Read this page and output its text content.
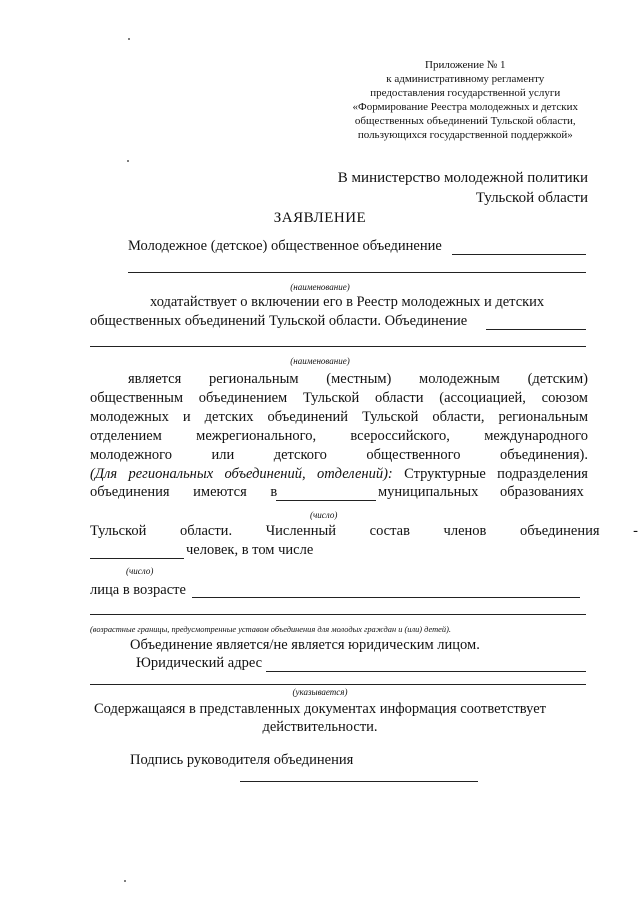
Приложение № 1
к административному регламенту
предоставления государственной услуги
«Формирование Реестра молодежных и детских
общественных объединений Тульской области,
пользующихся государственной поддержкой»
В министерство молодежной политики
Тульской области
ЗАЯВЛЕНИЕ
Молодежное (детское) общественное объединение
(наименование)
ходатайствует о включении его в Реестр молодежных и детских
общественных объединений Тульской области. Объединение
(наименование)
является региональным (местным) молодежным (детским)
общественным объединением Тульской области (ассоциацией, союзом
молодежных и детских объединений Тульской области, региональным
отделением межрегионального, всероссийского, международного
молодежного или детского общественного объединения).
(Для региональных объединений, отделений): Структурные подразделения
объединения имеются в	муниципальных образованиях
(число)
Тульской области. Численный состав членов объединения -
человек, в том числе
(число)
лица в возрасте
(возрастные границы, предусмотренные уставом объединения для молодых граждан и (или) детей).
Объединение является/не является юридическим лицом.
Юридический адрес
(указывается)
Содержащаяся в представленных документах информация соответствует
действительности.
Подпись руководителя объединения
